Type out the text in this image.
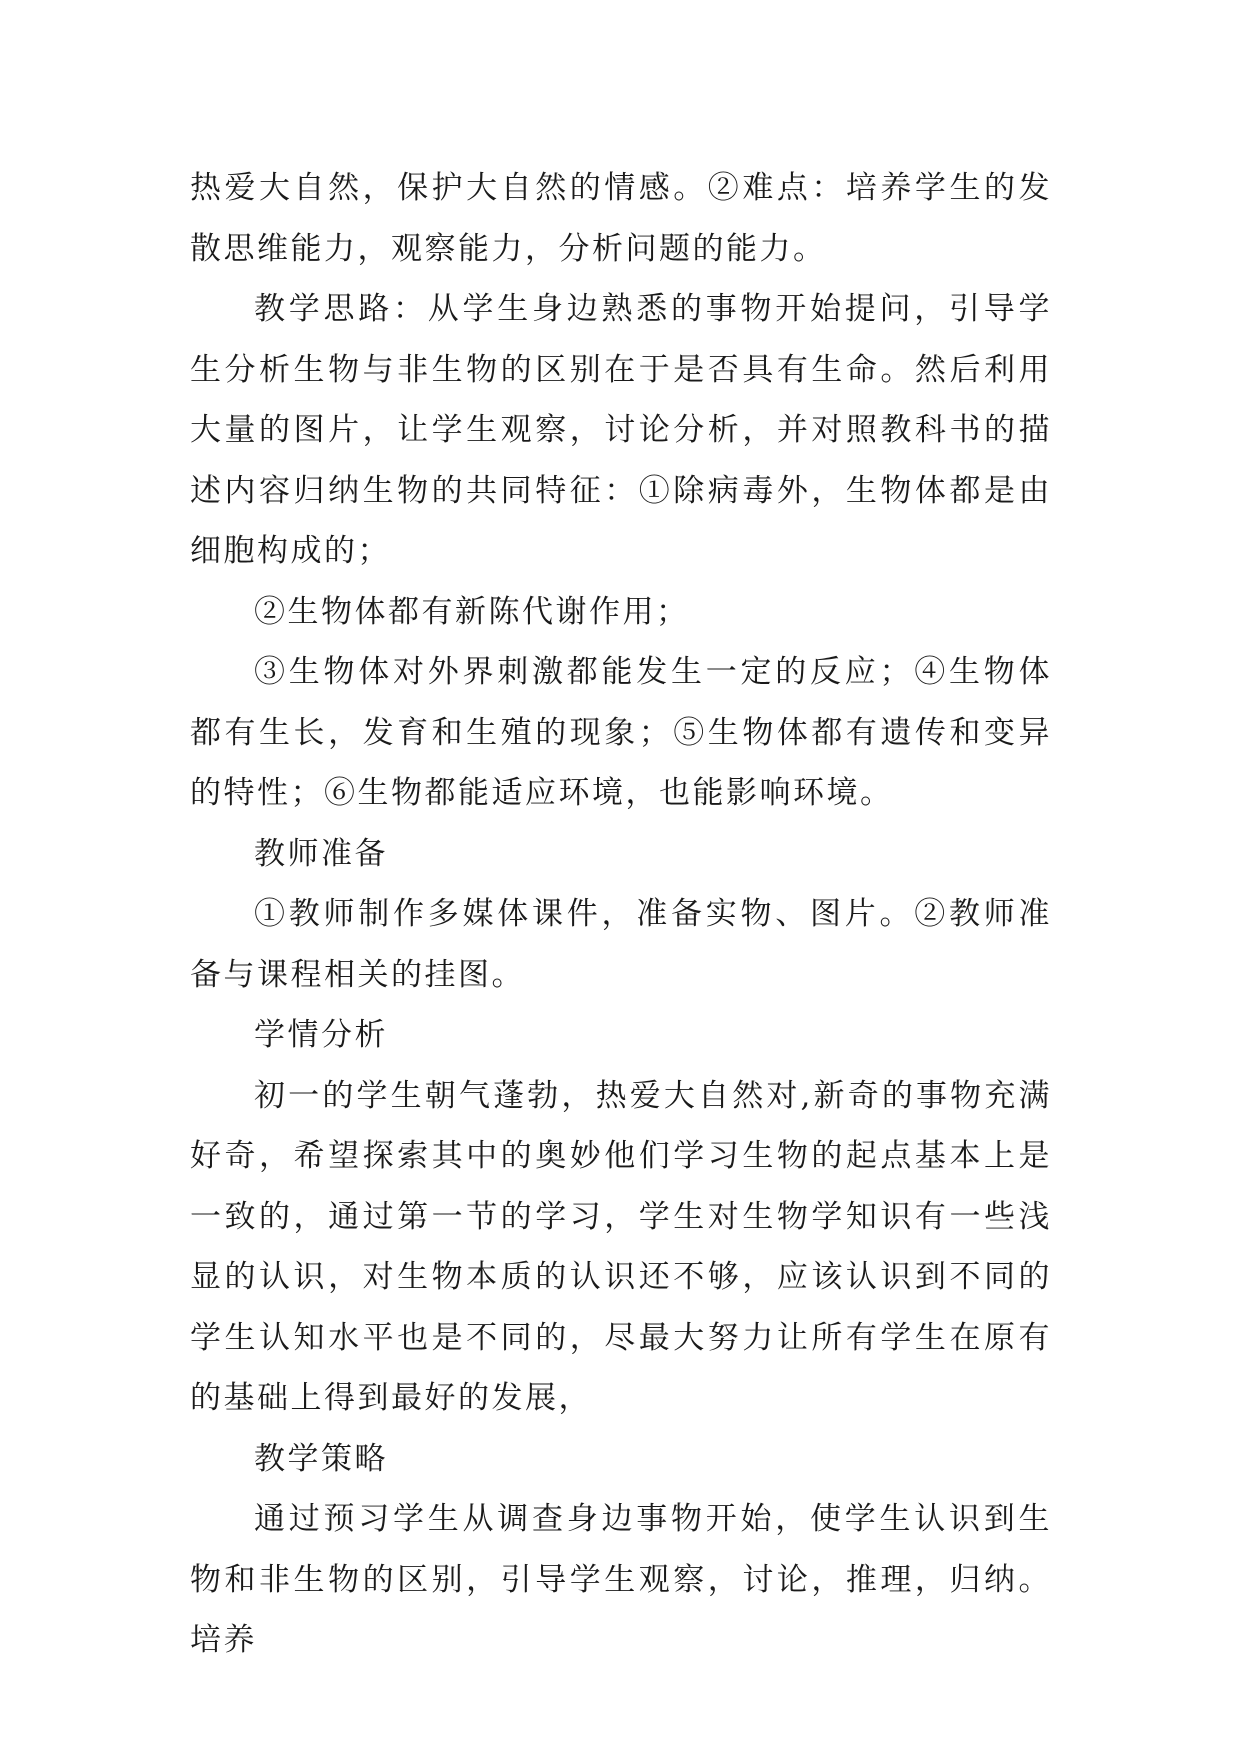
热爱大自然，保护大自然的情感。②难点：培养学生的发散思维能力，观察能力，分析问题的能力。

教学思路：从学生身边熟悉的事物开始提问，引导学生分析生物与非生物的区别在于是否具有生命。然后利用大量的图片，让学生观察，讨论分析，并对照教科书的描述内容归纳生物的共同特征：①除病毒外，生物体都是由细胞构成的；

②生物体都有新陈代谢作用；

③生物体对外界刺激都能发生一定的反应；④生物体都有生长，发育和生殖的现象；⑤生物体都有遗传和变异的特性；⑥生物都能适应环境，也能影响环境。

教师准备

①教师制作多媒体课件，准备实物、图片。②教师准备与课程相关的挂图。

学情分析

初一的学生朝气蓬勃，热爱大自然对,新奇的事物充满好奇，希望探索其中的奥妙他们学习生物的起点基本上是一致的，通过第一节的学习，学生对生物学知识有一些浅显的认识，对生物本质的认识还不够，应该认识到不同的学生认知水平也是不同的，尽最大努力让所有学生在原有的基础上得到最好的发展，

教学策略

通过预习学生从调查身边事物开始，使学生认识到生物和非生物的区别，引导学生观察，讨论，推理，归纳。培养
